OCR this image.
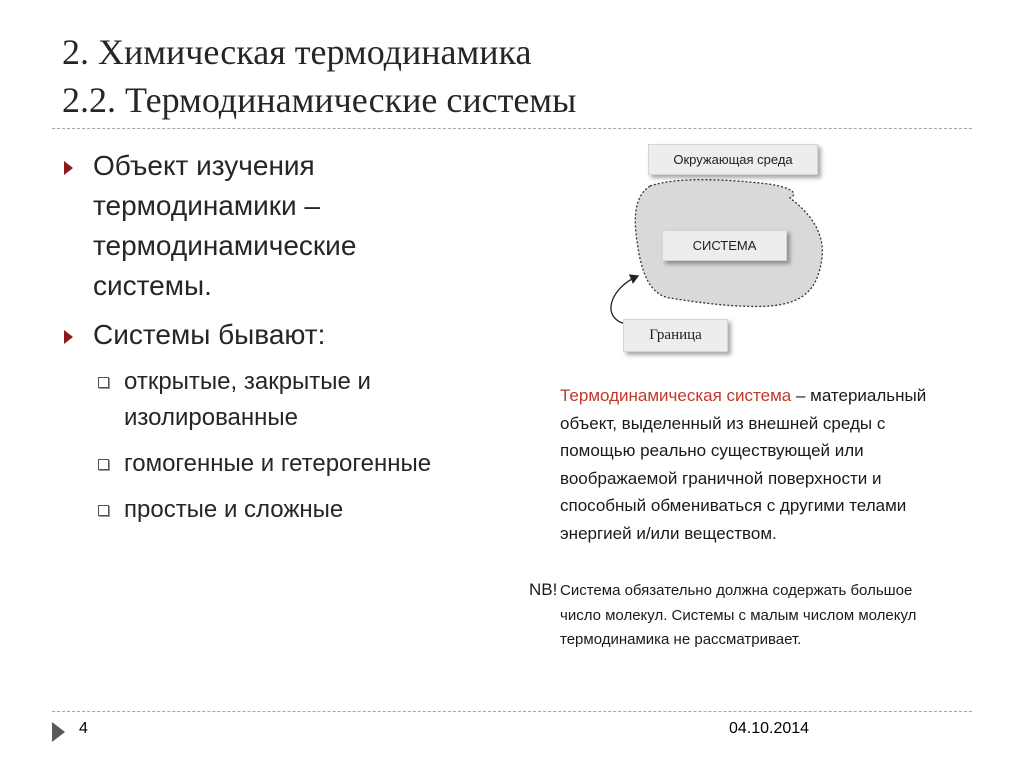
2. Химическая термодинамика
2.2. Термодинамические системы
Объект изучения термодинамики – термодинамические системы.
Системы бывают:
открытые, закрытые и изолированные
гомогенные и гетерогенные
простые и сложные
Окружающая среда
СИСТЕМА
Граница
Термодинамическая система – материальный объект, выделенный из внешней среды с помощью реально существующей или воображаемой граничной поверхности и способный обмениваться с другими телами энергией и/или веществом.
NB! Система обязательно должна содержать большое число молекул. Системы с малым числом молекул термодинамика не рассматривает.
4	04.10.2014
